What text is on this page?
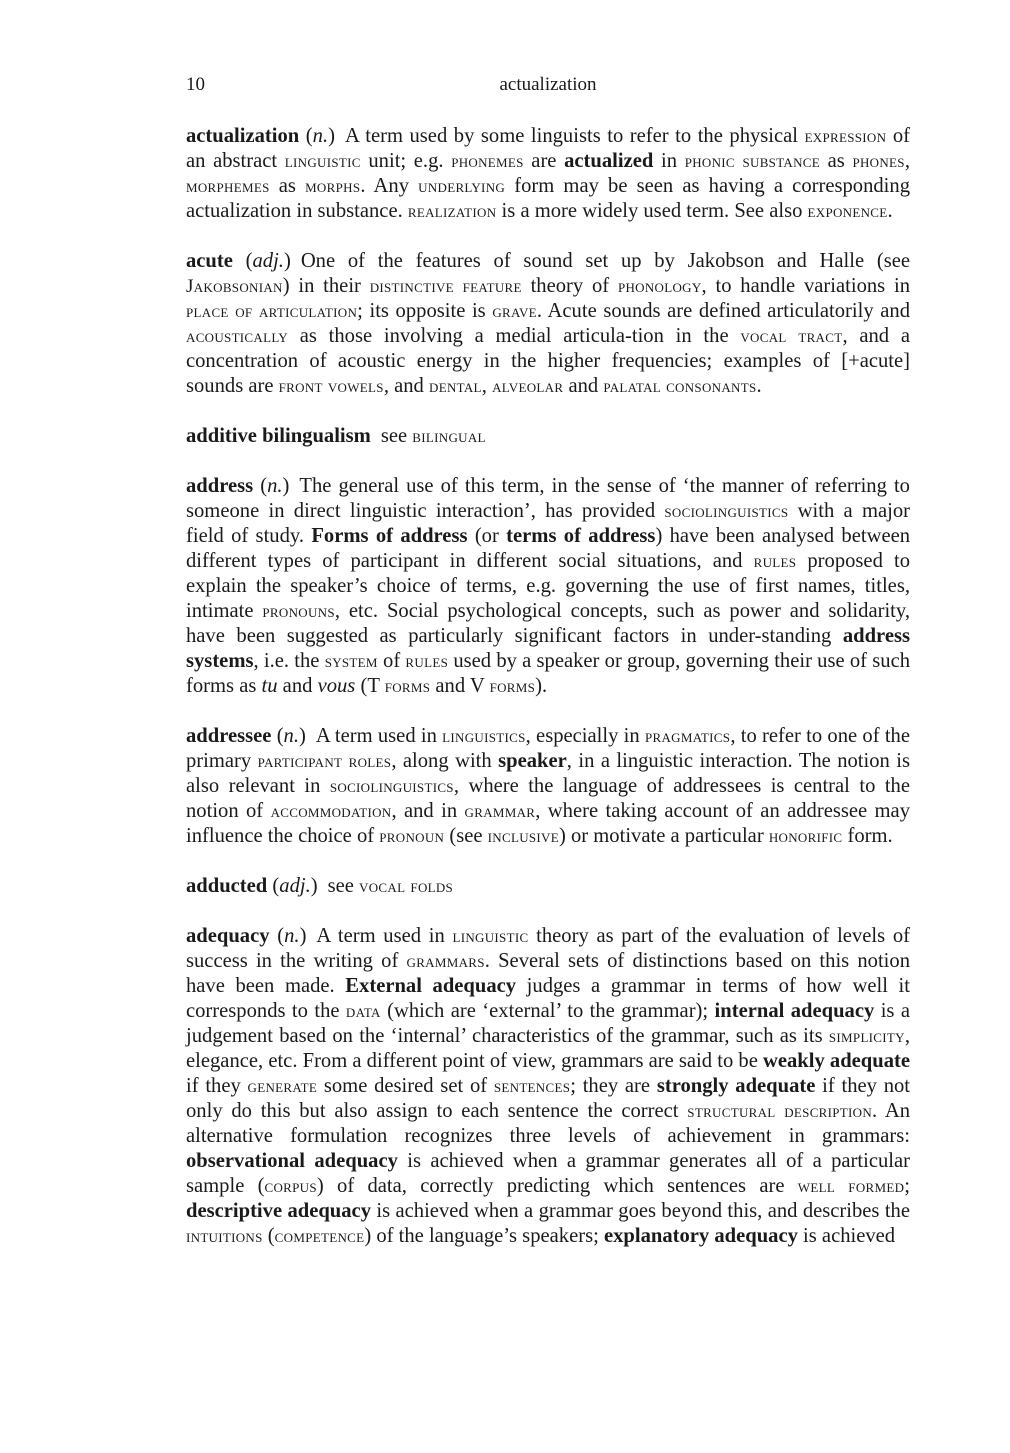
10	actualization

actualization (n.) A term used by some linguists to refer to the physical expression of an abstract linguistic unit; e.g. phonemes are actualized in phonic substance as phones, morphemes as morphs. Any underlying form may be seen as having a corresponding actualization in substance. realization is a more widely used term. See also exponence.

acute (adj.) One of the features of sound set up by Jakobson and Halle (see Jakobsonian) in their distinctive feature theory of phonology, to handle variations in place of articulation; its opposite is grave. Acute sounds are defined articulatorily and acoustically as those involving a medial articula-tion in the vocal tract, and a concentration of acoustic energy in the higher frequencies; examples of [+acute] sounds are front vowels, and dental, alveolar and palatal consonants.

additive bilingualism see bilingual

address (n.) The general use of this term, in the sense of ‘the manner of referring to someone in direct linguistic interaction’, has provided sociolinguistics with a major field of study. Forms of address (or terms of address) have been analysed between different types of participant in different social situations, and rules proposed to explain the speaker’s choice of terms, e.g. governing the use of first names, titles, intimate pronouns, etc. Social psychological concepts, such as power and solidarity, have been suggested as particularly significant factors in under-standing address systems, i.e. the system of rules used by a speaker or group, governing their use of such forms as tu and vous (T forms and V forms).

addressee (n.) A term used in linguistics, especially in pragmatics, to refer to one of the primary participant roles, along with speaker, in a linguistic interaction. The notion is also relevant in sociolinguistics, where the language of addressees is central to the notion of accommodation, and in grammar, where taking account of an addressee may influence the choice of pronoun (see inclusive) or motivate a particular honorific form.

adducted (adj.) see vocal folds

adequacy (n.) A term used in linguistic theory as part of the evaluation of levels of success in the writing of grammars. Several sets of distinctions based on this notion have been made. External adequacy judges a grammar in terms of how well it corresponds to the data (which are ‘external’ to the grammar); internal adequacy is a judgement based on the ‘internal’ characteristics of the grammar, such as its simplicity, elegance, etc. From a different point of view, grammars are said to be weakly adequate if they generate some desired set of sentences; they are strongly adequate if they not only do this but also assign to each sentence the correct structural description. An alternative formulation recognizes three levels of achievement in grammars: observational adequacy is achieved when a grammar generates all of a particular sample (corpus) of data, correctly predicting which sentences are well formed; descriptive adequacy is achieved when a grammar goes beyond this, and describes the intuitions (competence) of the language’s speakers; explanatory adequacy is achieved
